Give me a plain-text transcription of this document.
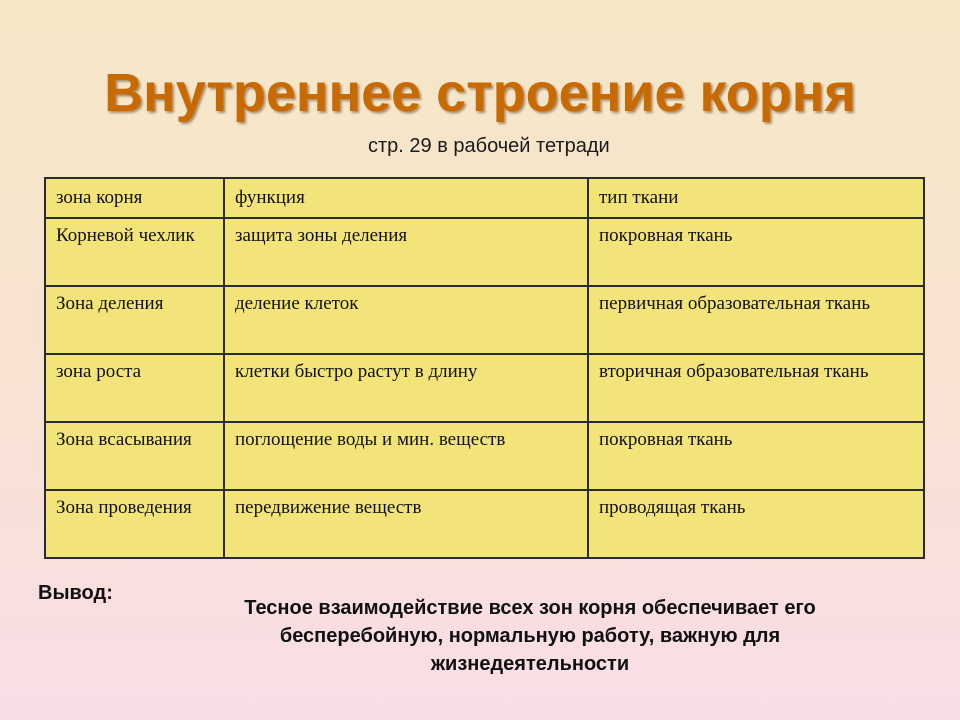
Внутреннее строение корня
стр. 29 в рабочей тетради
зона корня	функция	тип ткани
Корневой чехлик	защита зоны деления	покровная ткань
Зона деления	деление клеток	первичная образовательная ткань
зона роста	клетки быстро растут в длину	вторичная образовательная ткань
Зона всасывания	поглощение воды и мин. веществ	покровная ткань
Зона проведения	передвижение веществ	проводящая ткань
Вывод:
Тесное взаимодействие всех зон корня обеспечивает его бесперебойную, нормальную работу, важную для жизнедеятельности
